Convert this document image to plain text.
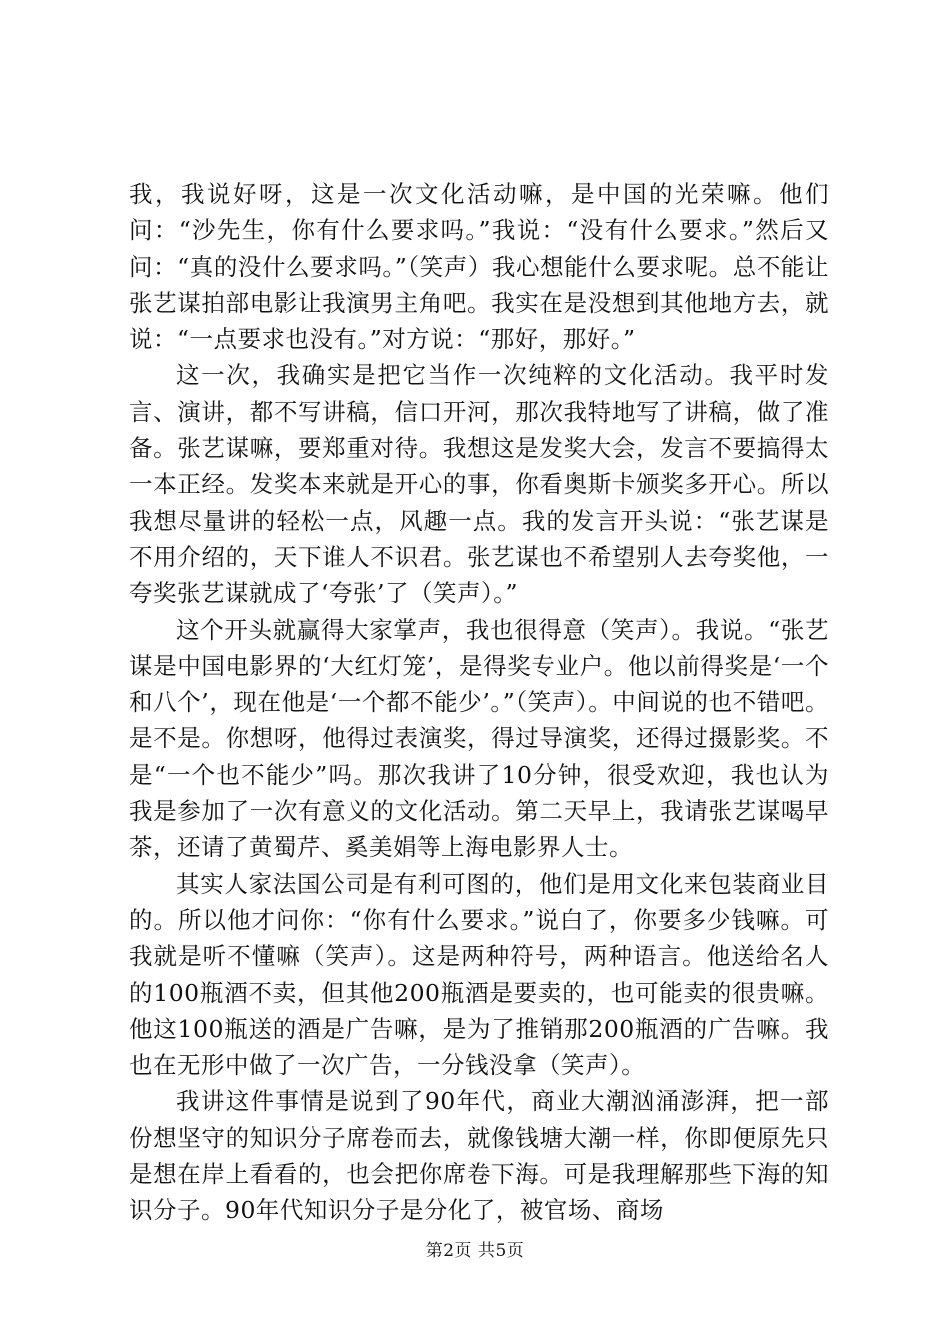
我，我说好呀，这是一次文化活动嘛，是中国的光荣嘛。他们问：“沙先生，你有什么要求吗。”我说：“没有什么要求。”然后又问：“真的没什么要求吗。”（笑声）我心想能什么要求呢。总不能让张艺谋拍部电影让我演男主角吧。我实在是没想到其他地方去，就说：“一点要求也没有。”对方说：“那好，那好。”

这一次，我确实是把它当作一次纯粹的文化活动。我平时发言、演讲，都不写讲稿，信口开河，那次我特地写了讲稿，做了准备。张艺谋嘛，要郑重对待。我想这是发奖大会，发言不要搞得太一本正经。发奖本来就是开心的事，你看奥斯卡颁奖多开心。所以我想尽量讲的轻松一点，风趣一点。我的发言开头说：“张艺谋是不用介绍的，天下谁人不识君。张艺谋也不希望别人去夸奖他，一夸奖张艺谋就成了‘夸张’了（笑声）。”

这个开头就赢得大家掌声，我也很得意（笑声）。我说。“张艺谋是中国电影界的‘大红灯笼’，是得奖专业户。他以前得奖是‘一个和八个’，现在他是‘一个都不能少’。”（笑声）。中间说的也不错吧。是不是。你想呀，他得过表演奖，得过导演奖，还得过摄影奖。不是“一个也不能少”吗。那次我讲了10分钟，很受欢迎，我也认为我是参加了一次有意义的文化活动。第二天早上，我请张艺谋喝早茶，还请了黄蜀芹、奚美娟等上海电影界人士。

其实人家法国公司是有利可图的，他们是用文化来包装商业目的。所以他才问你：“你有什么要求。”说白了，你要多少钱嘛。可我就是听不懂嘛（笑声）。这是两种符号，两种语言。他送给名人的100瓶酒不卖，但其他200瓶酒是要卖的，也可能卖的很贵嘛。他这100瓶送的酒是广告嘛，是为了推销那200瓶酒的广告嘛。我也在无形中做了一次广告，一分钱没拿（笑声）。

我讲这件事情是说到了90年代，商业大潮汹涌澎湃，把一部份想坚守的知识分子席卷而去，就像钱塘大潮一样，你即便原先只是想在岸上看看的，也会把你席卷下海。可是我理解那些下海的知识分子。90年代知识分子是分化了，被官场、商场

第2页 共5页
